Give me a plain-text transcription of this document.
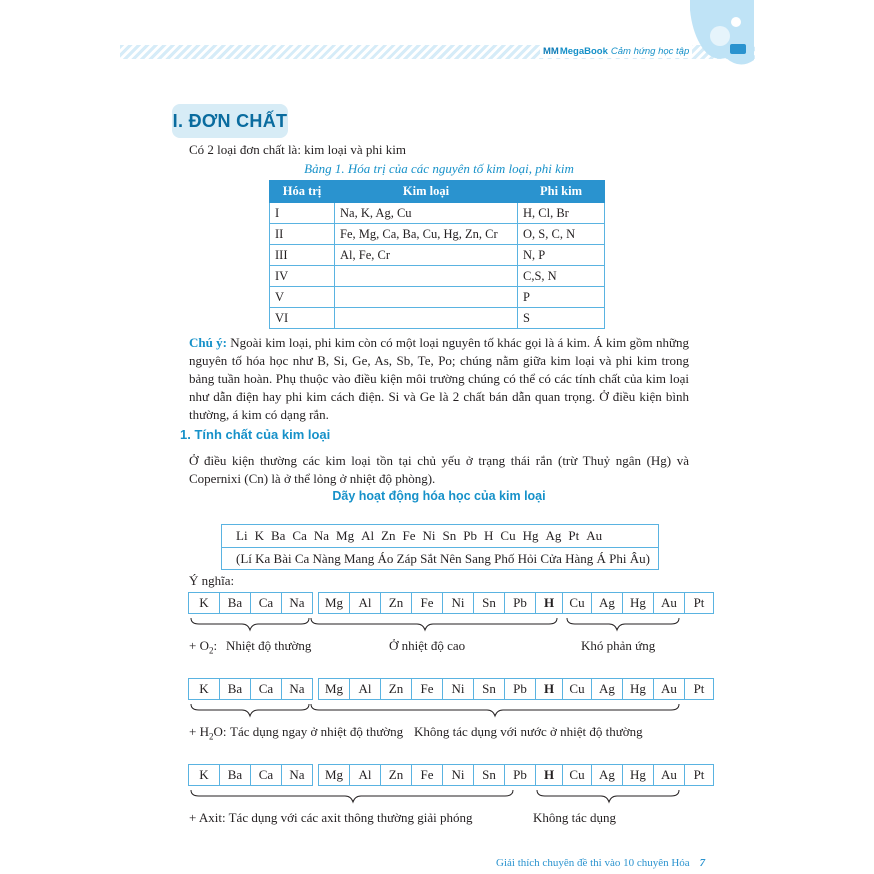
MMMegaBook Cảm hứng học tập
I. ĐƠN CHẤT
Có 2 loại đơn chất là: kim loại và phi kim
Bảng 1. Hóa trị của các nguyên tố kim loại, phi kim
Hóa trị	Kim loại	Phi kim
I	Na, K, Ag, Cu	H, Cl, Br
II	Fe, Mg, Ca, Ba, Cu, Hg, Zn, Cr	O, S, C, N
III	Al, Fe, Cr	N, P
IV		C,S, N
V		P
VI		S
Chú ý: Ngoài kim loại, phi kim còn có một loại nguyên tố khác gọi là á kim. Á kim gồm những nguyên tố hóa học như B, Si, Ge, As, Sb, Te, Po; chúng nằm giữa kim loại và phi kim trong bảng tuần hoàn. Phụ thuộc vào điều kiện môi trường chúng có thể có các tính chất của kim loại như dẫn điện hay phi kim cách điện. Si và Ge là 2 chất bán dẫn quan trọng. Ở điều kiện bình thường, á kim có dạng rắn.
1. Tính chất của kim loại
Ở điều kiện thường các kim loại tồn tại chủ yếu ở trạng thái rắn (trừ Thuỷ ngân (Hg) và Copernixi (Cn) là ở thể lỏng ở nhiệt độ phòng).
Dãy hoạt động hóa học của kim loại
Li K Ba Ca Na Mg Al Zn Fe Ni Sn Pb H Cu Hg Ag Pt Au
(Lí Ka Bài Ca Nàng Mang Áo Záp Sắt Nên Sang Phố Hỏi Cửa Hàng Á Phi Âu)
Ý nghĩa:
K	Ba	Ca	Na	Mg	Al	Zn	Fe	Ni	Sn	Pb	H	Cu	Ag	Hg	Au	Pt
K	Ba	Ca	Na	Mg	Al	Zn	Fe	Ni	Sn	Pb	H	Cu	Ag	Hg	Au	Pt
K	Ba	Ca	Na	Mg	Al	Zn	Fe	Ni	Sn	Pb	H	Cu	Ag	Hg	Au	Pt
+ $O_2$: Nhiệt độ thường	Ở nhiệt độ cao	Khó phản ứng
+ $H_2O$: Tác dụng ngay ở nhiệt độ thường Không tác dụng với nước ở nhiệt độ thường
+ Axit: Tác dụng với các axit thông thường giải phóng	Không tác dụng
Giải thích chuyên đề thi vào 10 chuyên Hóa 7
